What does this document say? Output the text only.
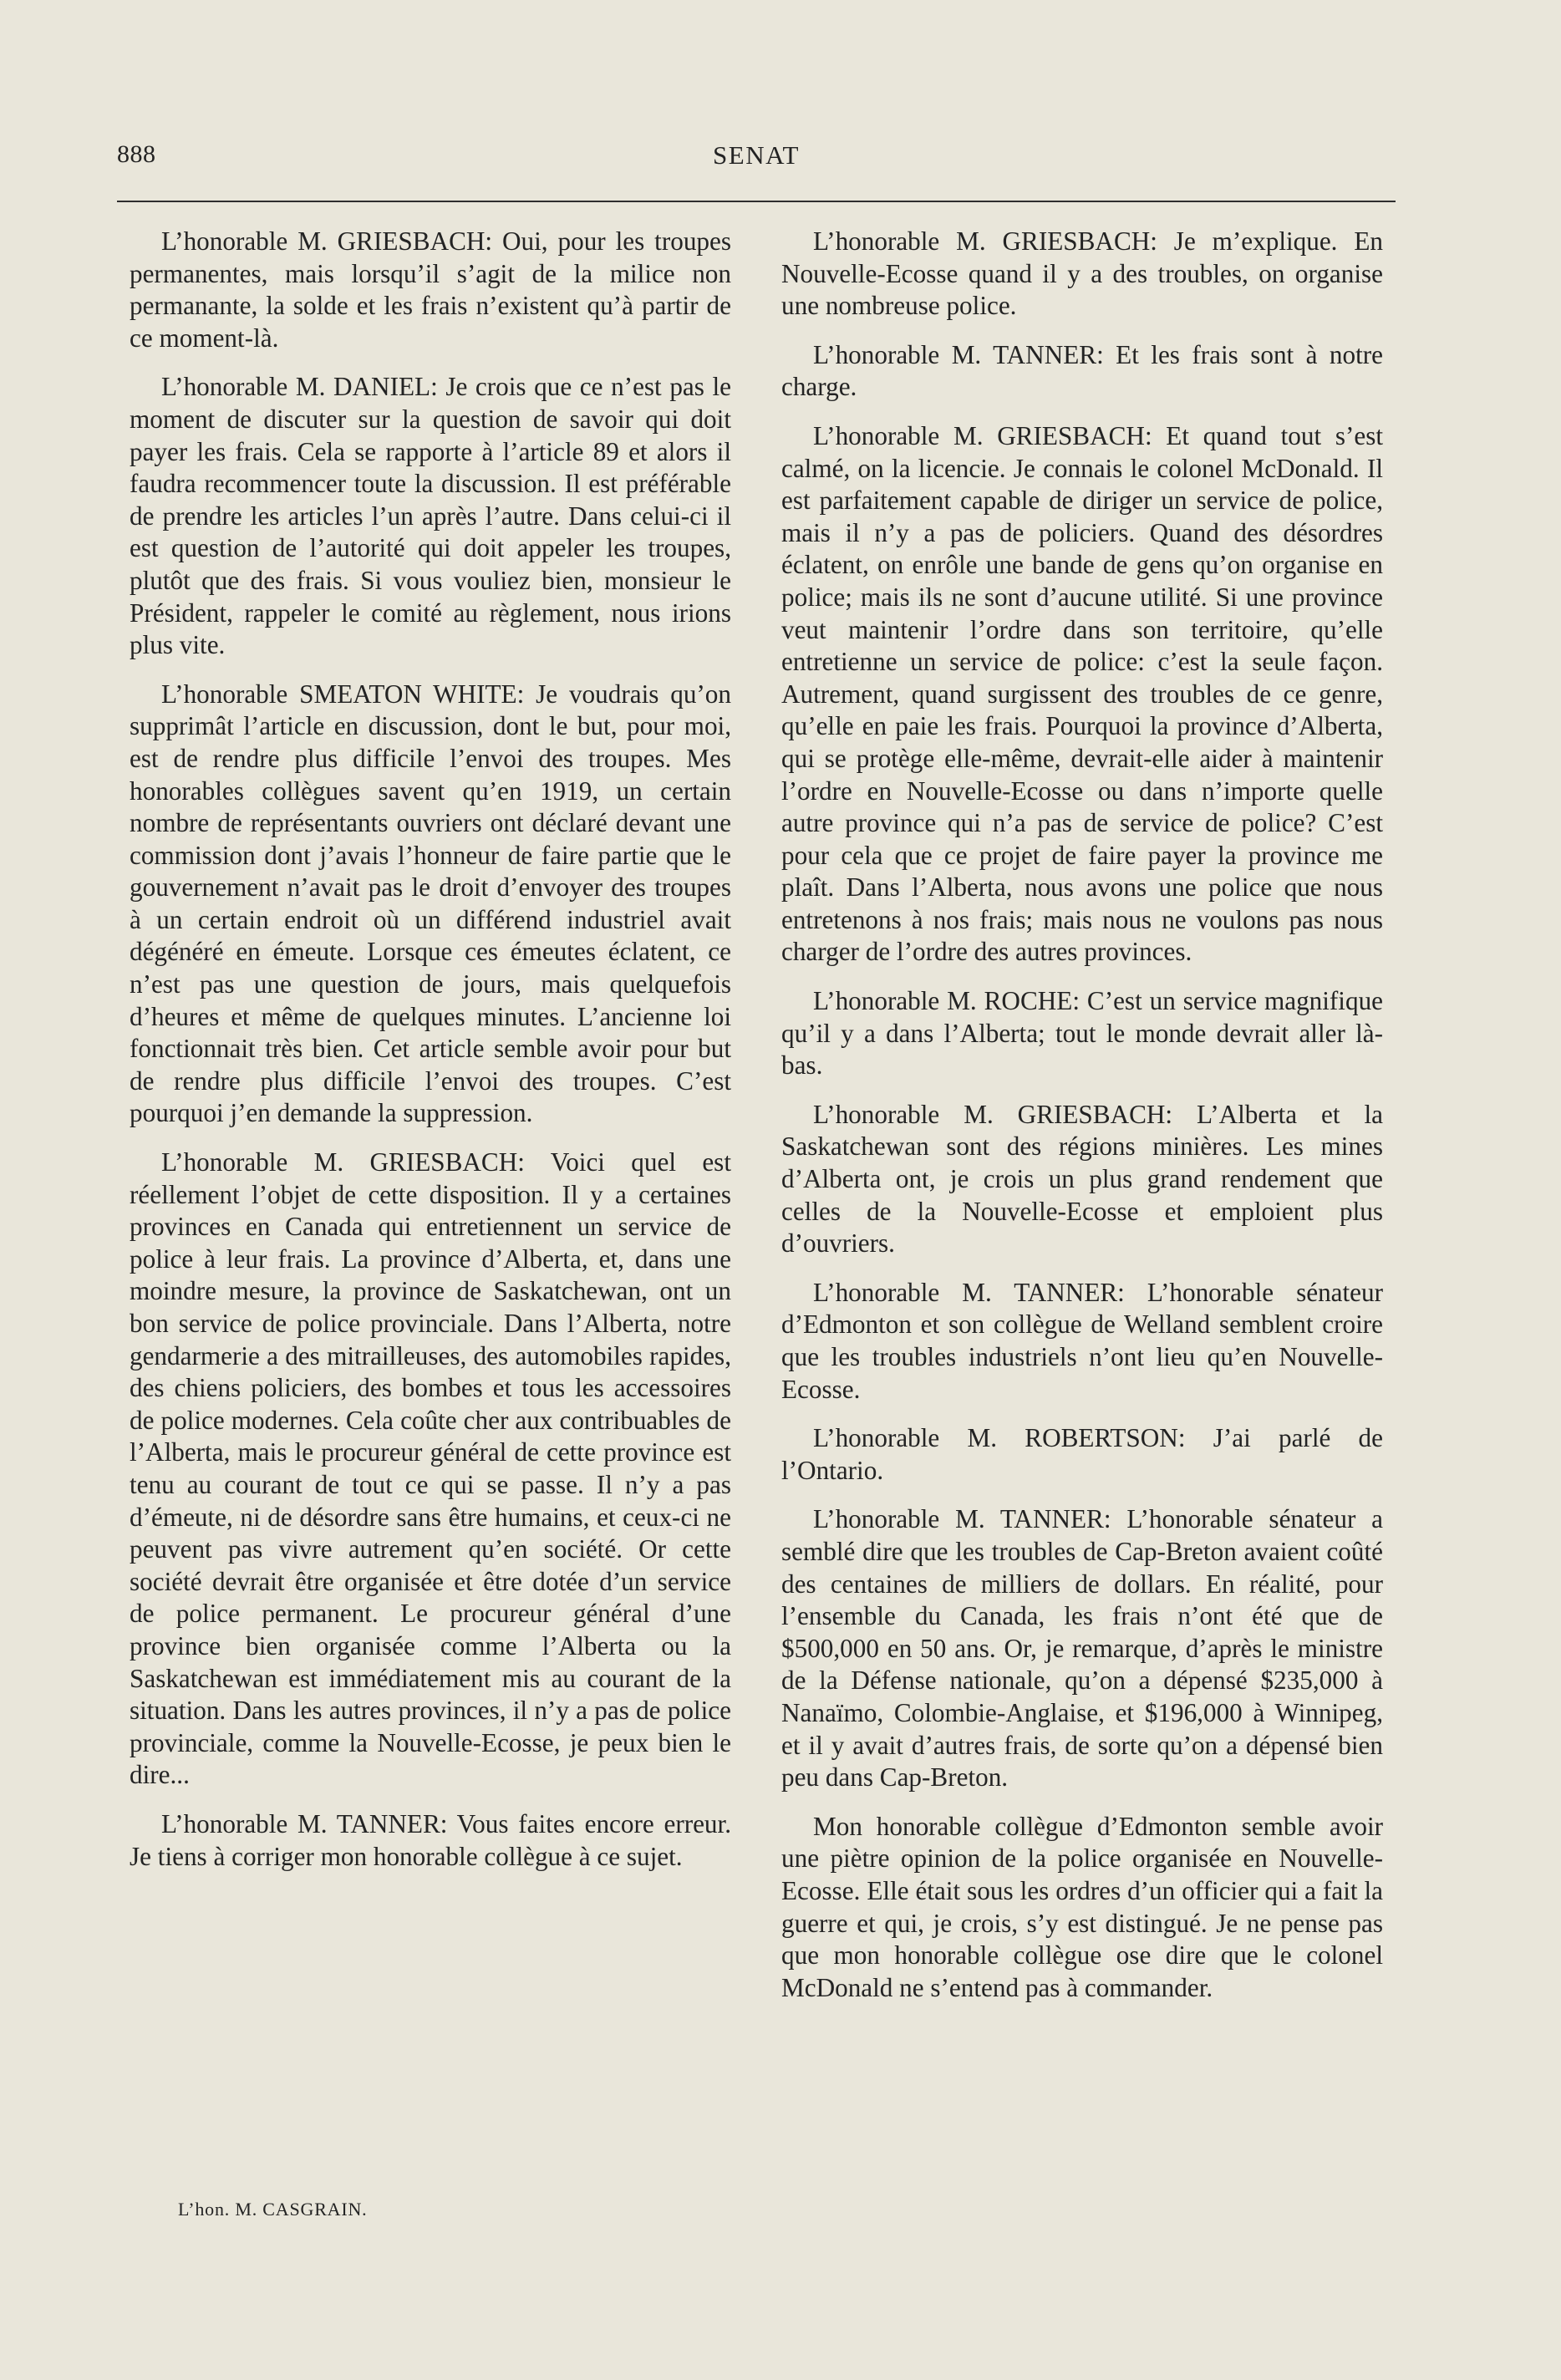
888	SENAT

L’honorable M. GRIESBACH: Oui, pour les troupes permanentes, mais lorsqu’il s’agit de la milice non permanante, la solde et les frais n’existent qu’à partir de ce moment-là.

L’honorable M. DANIEL: Je crois que ce n’est pas le moment de discuter sur la question de savoir qui doit payer les frais. Cela se rapporte à l’article 89 et alors il faudra recommencer toute la discussion. Il est préférable de prendre les articles l’un après l’autre. Dans celui-ci il est question de l’autorité qui doit appeler les troupes, plutôt que des frais. Si vous vouliez bien, monsieur le Président, rappeler le comité au règlement, nous irions plus vite.

L’honorable SMEATON WHITE: Je voudrais qu’on supprimât l’article en discussion, dont le but, pour moi, est de rendre plus difficile l’envoi des troupes. Mes honorables collègues savent qu’en 1919, un certain nombre de représentants ouvriers ont déclaré devant une commission dont j’avais l’honneur de faire partie que le gouvernement n’avait pas le droit d’envoyer des troupes à un certain endroit où un différend industriel avait dégénéré en émeute. Lorsque ces émeutes éclatent, ce n’est pas une question de jours, mais quelquefois d’heures et même de quelques minutes. L’ancienne loi fonctionnait très bien. Cet article semble avoir pour but de rendre plus difficile l’envoi des troupes. C’est pourquoi j’en demande la suppression.

L’honorable M. GRIESBACH: Voici quel est réellement l’objet de cette disposition. Il y a certaines provinces en Canada qui entretiennent un service de police à leur frais. La province d’Alberta, et, dans une moindre mesure, la province de Saskatchewan, ont un bon service de police provinciale. Dans l’Alberta, notre gendarmerie a des mitrailleuses, des automobiles rapides, des chiens policiers, des bombes et tous les accessoires de police modernes. Cela coûte cher aux contribuables de l’Alberta, mais le procureur général de cette province est tenu au courant de tout ce qui se passe. Il n’y a pas d’émeute, ni de désordre sans être humains, et ceux-ci ne peuvent pas vivre autrement qu’en société. Or cette société devrait être organisée et être dotée d’un service de police permanent. Le procureur général d’une province bien organisée comme l’Alberta ou la Saskatchewan est immédiatement mis au courant de la situation. Dans les autres provinces, il n’y a pas de police provinciale, comme la Nouvelle-Ecosse, je peux bien le dire...

L’honorable M. TANNER: Vous faites encore erreur. Je tiens à corriger mon honorable collègue à ce sujet.

L’honorable M. GRIESBACH: Je m’explique. En Nouvelle-Ecosse quand il y a des troubles, on organise une nombreuse police.

L’honorable M. TANNER: Et les frais sont à notre charge.

L’honorable M. GRIESBACH: Et quand tout s’est calmé, on la licencie. Je connais le colonel McDonald. Il est parfaitement capable de diriger un service de police, mais il n’y a pas de policiers. Quand des désordres éclatent, on enrôle une bande de gens qu’on organise en police; mais ils ne sont d’aucune utilité. Si une province veut maintenir l’ordre dans son territoire, qu’elle entretienne un service de police: c’est la seule façon. Autrement, quand surgissent des troubles de ce genre, qu’elle en paie les frais. Pourquoi la province d’Alberta, qui se protège elle-même, devrait-elle aider à maintenir l’ordre en Nouvelle-Ecosse ou dans n’importe quelle autre province qui n’a pas de service de police? C’est pour cela que ce projet de faire payer la province me plaît. Dans l’Alberta, nous avons une police que nous entretenons à nos frais; mais nous ne voulons pas nous charger de l’ordre des autres provinces.

L’honorable M. ROCHE: C’est un service magnifique qu’il y a dans l’Alberta; tout le monde devrait aller là-bas.

L’honorable M. GRIESBACH: L’Alberta et la Saskatchewan sont des régions minières. Les mines d’Alberta ont, je crois un plus grand rendement que celles de la Nouvelle-Ecosse et emploient plus d’ouvriers.

L’honorable M. TANNER: L’honorable sénateur d’Edmonton et son collègue de Welland semblent croire que les troubles industriels n’ont lieu qu’en Nouvelle-Ecosse.

L’honorable M. ROBERTSON: J’ai parlé de l’Ontario.

L’honorable M. TANNER: L’honorable sénateur a semblé dire que les troubles de Cap-Breton avaient coûté des centaines de milliers de dollars. En réalité, pour l’ensemble du Canada, les frais n’ont été que de $500,000 en 50 ans. Or, je remarque, d’après le ministre de la Défense nationale, qu’on a dépensé $235,000 à Nanaïmo, Colombie-Anglaise, et $196,000 à Winnipeg, et il y avait d’autres frais, de sorte qu’on a dépensé bien peu dans Cap-Breton.

Mon honorable collègue d’Edmonton semble avoir une piètre opinion de la police organisée en Nouvelle-Ecosse. Elle était sous les ordres d’un officier qui a fait la guerre et qui, je crois, s’y est distingué. Je ne pense pas que mon honorable collègue ose dire que le colonel McDonald ne s’entend pas à commander.

L’hon. M. CASGRAIN.
